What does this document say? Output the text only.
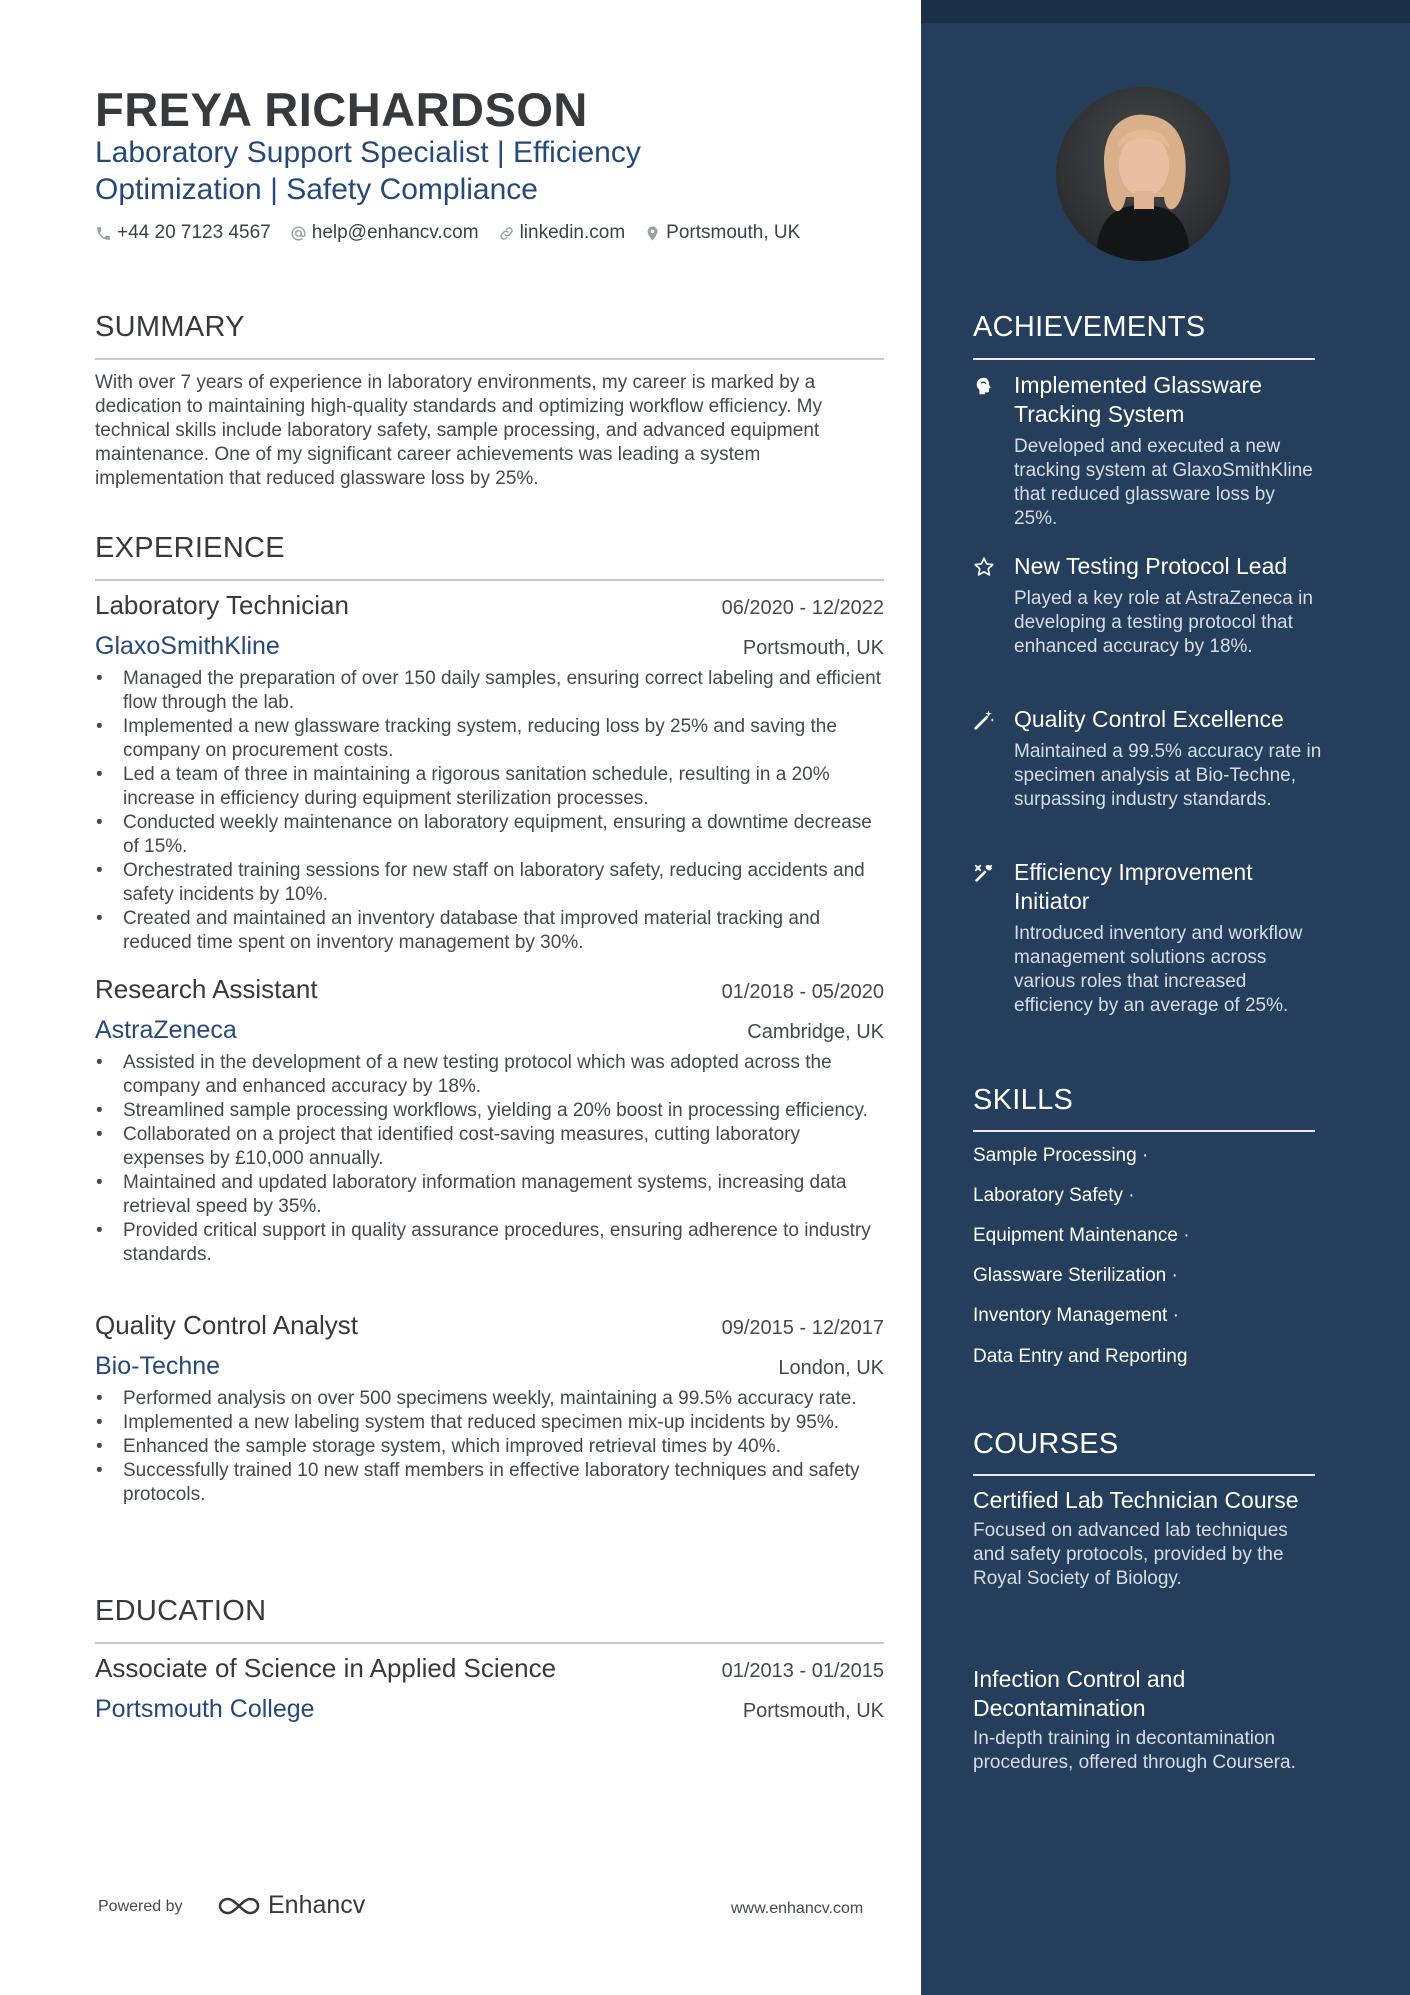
FREYA RICHARDSON
Laboratory Support Specialist | Efficiency Optimization | Safety Compliance
+44 20 7123 4567 help@enhancv.com linkedin.com Portsmouth, UK
SUMMARY
With over 7 years of experience in laboratory environments, my career is marked by a dedication to maintaining high-quality standards and optimizing workflow efficiency. My technical skills include laboratory safety, sample processing, and advanced equipment maintenance. One of my significant career achievements was leading a system implementation that reduced glassware loss by 25%.
EXPERIENCE
Laboratory Technician	06/2020 - 12/2022
GlaxoSmithKline	Portsmouth, UK
• Managed the preparation of over 150 daily samples, ensuring correct labeling and efficient flow through the lab.
• Implemented a new glassware tracking system, reducing loss by 25% and saving the company on procurement costs.
• Led a team of three in maintaining a rigorous sanitation schedule, resulting in a 20% increase in efficiency during equipment sterilization processes.
• Conducted weekly maintenance on laboratory equipment, ensuring a downtime decrease of 15%.
• Orchestrated training sessions for new staff on laboratory safety, reducing accidents and safety incidents by 10%.
• Created and maintained an inventory database that improved material tracking and reduced time spent on inventory management by 30%.
Research Assistant	01/2018 - 05/2020
AstraZeneca	Cambridge, UK
• Assisted in the development of a new testing protocol which was adopted across the company and enhanced accuracy by 18%.
• Streamlined sample processing workflows, yielding a 20% boost in processing efficiency.
• Collaborated on a project that identified cost-saving measures, cutting laboratory expenses by £10,000 annually.
• Maintained and updated laboratory information management systems, increasing data retrieval speed by 35%.
• Provided critical support in quality assurance procedures, ensuring adherence to industry standards.
Quality Control Analyst	09/2015 - 12/2017
Bio-Techne	London, UK
• Performed analysis on over 500 specimens weekly, maintaining a 99.5% accuracy rate.
• Implemented a new labeling system that reduced specimen mix-up incidents by 95%.
• Enhanced the sample storage system, which improved retrieval times by 40%.
• Successfully trained 10 new staff members in effective laboratory techniques and safety protocols.
EDUCATION
Associate of Science in Applied Science	01/2013 - 01/2015
Portsmouth College	Portsmouth, UK
Powered by	Enhancv	www.enhancv.com
ACHIEVEMENTS
Implemented Glassware Tracking System
Developed and executed a new tracking system at GlaxoSmithKline that reduced glassware loss by 25%.
New Testing Protocol Lead
Played a key role at AstraZeneca in developing a testing protocol that enhanced accuracy by 18%.
Quality Control Excellence
Maintained a 99.5% accuracy rate in specimen analysis at Bio-Techne, surpassing industry standards.
Efficiency Improvement Initiator
Introduced inventory and workflow management solutions across various roles that increased efficiency by an average of 25%.
SKILLS
Sample Processing ·
Laboratory Safety ·
Equipment Maintenance ·
Glassware Sterilization ·
Inventory Management ·
Data Entry and Reporting
COURSES
Certified Lab Technician Course
Focused on advanced lab techniques and safety protocols, provided by the Royal Society of Biology.
Infection Control and Decontamination
In-depth training in decontamination procedures, offered through Coursera.
